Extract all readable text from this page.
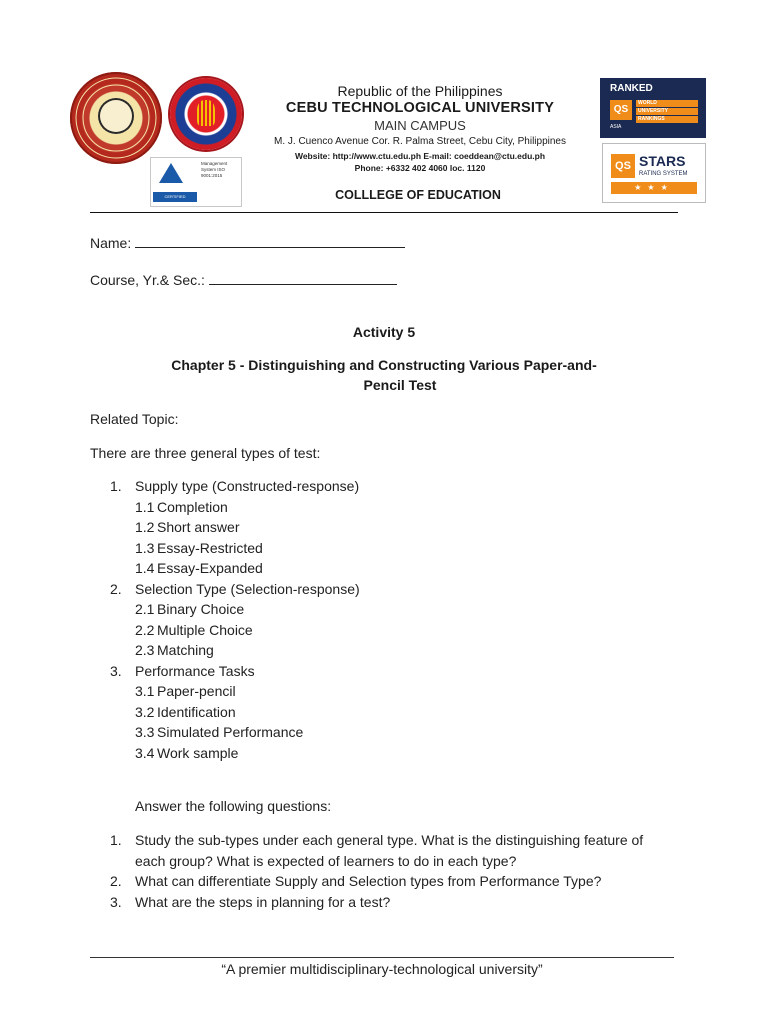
CERTIFIED
Management System ISO 9001:2015
Republic of the Philippines
CEBU TECHNOLOGICAL UNIVERSITY
MAIN CAMPUS
M. J. Cuenco Avenue Cor. R. Palma Street, Cebu City, Philippines
Website: http://www.ctu.edu.ph E-mail: coeddean@ctu.edu.ph
Phone: +6332 402 4060 loc. 1120
COLLLEGE OF EDUCATION
RANKED
QS
WORLD
UNIVERSITY
RANKINGS
ASIA
QS STARS
RATING SYSTEM
★★★
Name:
Course, Yr.& Sec.:
Activity 5
Chapter 5 - Distinguishing and Constructing Various Paper-and-
Pencil Test
Related Topic:
There are three general types of test:
1. Supply type (Constructed-response)
1.1 Completion
1.2 Short answer
1.3 Essay-Restricted
1.4 Essay-Expanded
2. Selection Type (Selection-response)
2.1 Binary Choice
2.2 Multiple Choice
2.3 Matching
3. Performance Tasks
3.1 Paper-pencil
3.2 Identification
3.3 Simulated Performance
3.4 Work sample
Answer the following questions:
1. Study the sub-types under each general type. What is the distinguishing feature of each group? What is expected of learners to do in each type?
2. What can differentiate Supply and Selection types from Performance Type?
3. What are the steps in planning for a test?
“A premier multidisciplinary-technological university”
